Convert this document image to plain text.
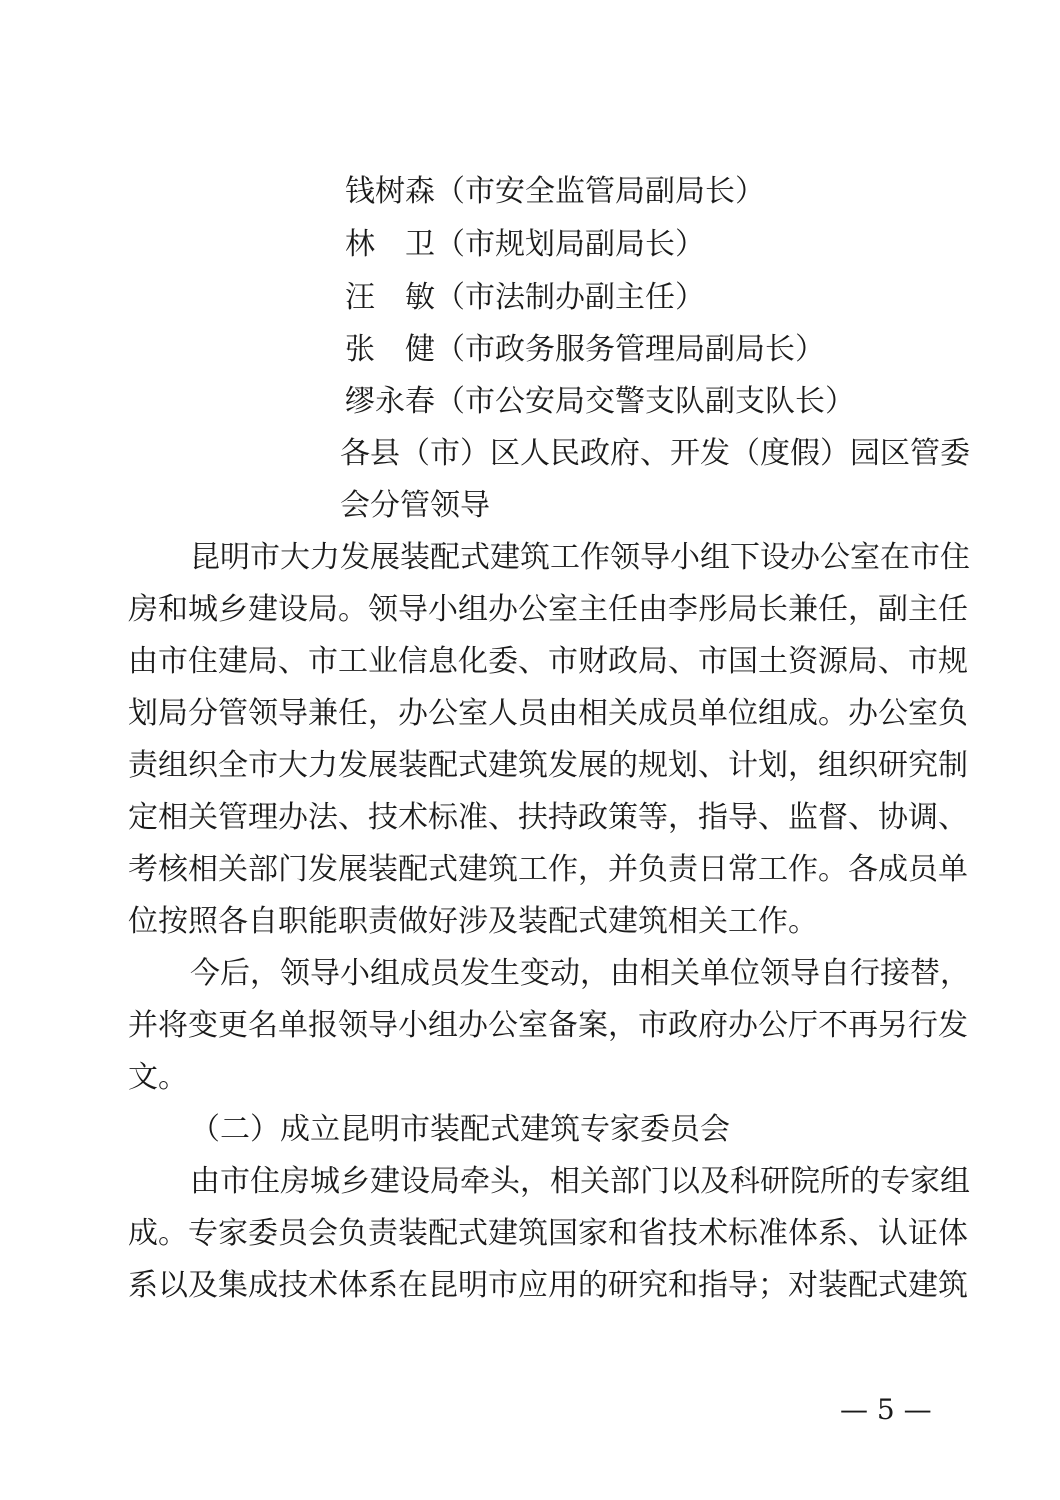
钱树森（市安全监管局副局长）

林　卫（市规划局副局长）

汪　敏（市法制办副主任）

张　健（市政务服务管理局副局长）

缪永春（市公安局交警支队副支队长）

各县（市）区人民政府、开发（度假）园区管委

会分管领导

昆明市大力发展装配式建筑工作领导小组下设办公室在市住

房和城乡建设局。领导小组办公室主任由李彤局长兼任，副主任

由市住建局、市工业信息化委、市财政局、市国土资源局、市规

划局分管领导兼任，办公室人员由相关成员单位组成。办公室负

责组织全市大力发展装配式建筑发展的规划、计划，组织研究制

定相关管理办法、技术标准、扶持政策等，指导、监督、协调、

考核相关部门发展装配式建筑工作，并负责日常工作。各成员单

位按照各自职能职责做好涉及装配式建筑相关工作。

今后，领导小组成员发生变动，由相关单位领导自行接替，

并将变更名单报领导小组办公室备案，市政府办公厅不再另行发

文。

（二）成立昆明市装配式建筑专家委员会

由市住房城乡建设局牵头，相关部门以及科研院所的专家组

成。专家委员会负责装配式建筑国家和省技术标准体系、认证体

系以及集成技术体系在昆明市应用的研究和指导；对装配式建筑

— 5 —
